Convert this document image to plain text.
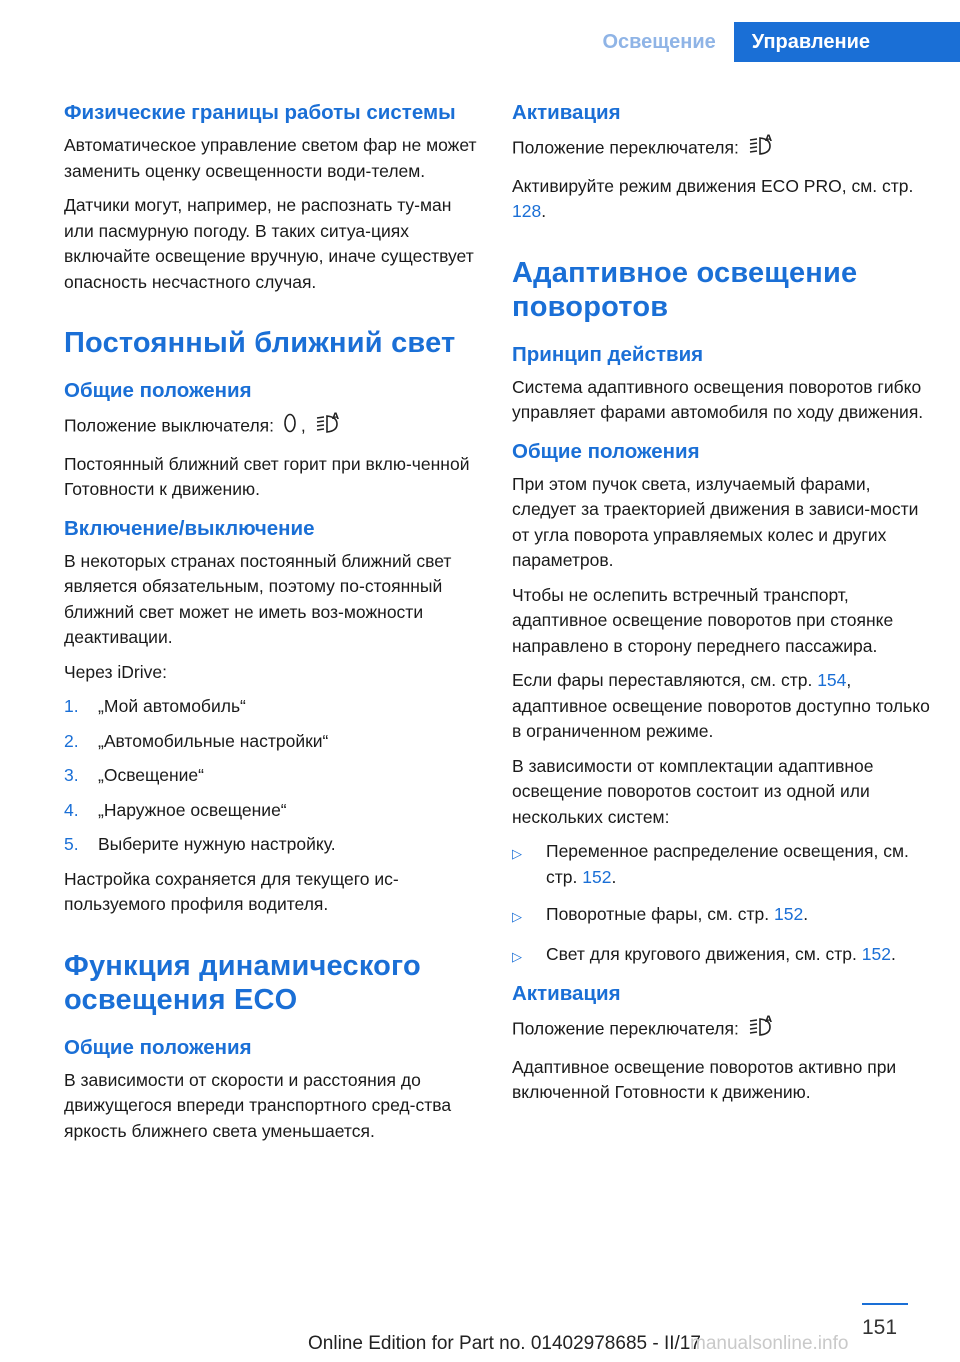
Освещение	Управление
Физические границы работы системы
Автоматическое управление светом фар не может заменить оценку освещенности води-телем.
Датчики могут, например, не распознать ту-ман или пасмурную погоду. В таких ситуа-циях включайте освещение вручную, иначе существует опасность несчастного случая.
Постоянный ближний свет
Общие положения
Положение выключателя: ,	A
Постоянный ближний свет горит при вклю-ченной Готовности к движению.
Включение/выключение
В некоторых странах постоянный ближний свет является обязательным, поэтому по-стоянный ближний свет может не иметь воз-можности деактивации.
Через iDrive:
1.	„Мой автомобиль“
2.	„Автомобильные настройки“
3.	„Освещение“
4.	„Наружное освещение“
5.	Выберите нужную настройку.
Настройка сохраняется для текущего ис-пользуемого профиля водителя.
Функция динамического освещения ECO
Общие положения
В зависимости от скорости и расстояния до движущегося впереди транспортного сред-ства яркость ближнего света уменьшается.
Активация
Положение переключателя:	A
Активируйте режим движения ECO PRO, см. стр. 128.
Адаптивное освещение поворотов
Принцип действия
Система адаптивного освещения поворотов гибко управляет фарами автомобиля по ходу движения.
Общие положения
При этом пучок света, излучаемый фарами, следует за траекторией движения в зависи-мости от угла поворота управляемых колес и других параметров.
Чтобы не ослепить встречный транспорт, адаптивное освещение поворотов при стоянке направлено в сторону переднего пассажира.
Если фары переставляются, см. стр. 154, адаптивное освещение поворотов доступно только в ограниченном режиме.
В зависимости от комплектации адаптивное освещение поворотов состоит из одной или нескольких систем:
▷	Переменное распределение освещения, см. стр. 152.
▷	Поворотные фары, см. стр. 152.
▷	Свет для кругового движения, см. стр. 152.
Активация
Положение переключателя:	A
Адаптивное освещение поворотов активно при включенной Готовности к движению.
151
Online Edition for Part no. 01402978685 - II/17
manualsonline.info
